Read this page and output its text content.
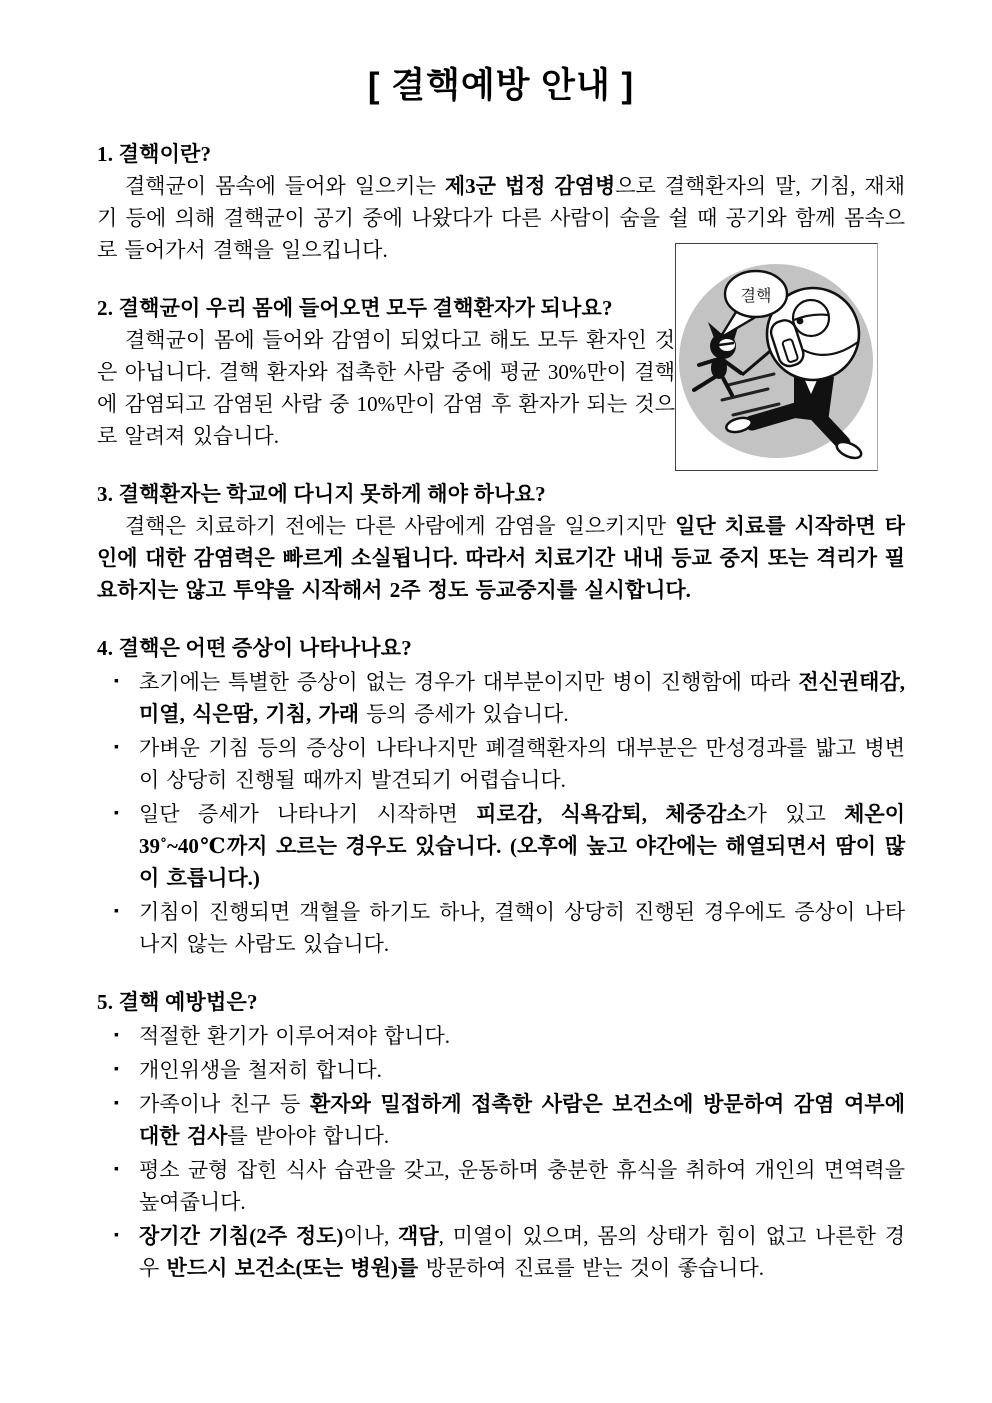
결핵
[ 결핵예방 안내 ]
1. 결핵이란?

결핵균이 몸속에 들어와 일으키는 제3군 법정 감염병으로 결핵환자의 말, 기침, 재채기 등에 의해 결핵균이 공기 중에 나왔다가 다른 사람이 숨을 쉴 때 공기와 함께 몸속으로 들어가서 결핵을 일으킵니다.

2. 결핵균이 우리 몸에 들어오면 모두 결핵환자가 되나요?

결핵균이 몸에 들어와 감염이 되었다고 해도 모두 환자인 것은 아닙니다. 결핵 환자와 접촉한 사람 중에 평균 30%만이 결핵에 감염되고 감염된 사람 중 10%만이 감염 후 환자가 되는 것으로 알려져 있습니다.

3. 결핵환자는 학교에 다니지 못하게 해야 하나요?

결핵은 치료하기 전에는 다른 사람에게 감염을 일으키지만 일단 치료를 시작하면 타인에 대한 감염력은 빠르게 소실됩니다. 따라서 치료기간 내내 등교 중지 또는 격리가 필요하지는 않고 투약을 시작해서 2주 정도 등교중지를 실시합니다.

4. 결핵은 어떤 증상이 나타나나요?
▪ 초기에는 특별한 증상이 없는 경우가 대부분이지만 병이 진행함에 따라 전신권태감, 미열, 식은땀, 기침, 가래 등의 증세가 있습니다.
▪ 가벼운 기침 등의 증상이 나타나지만 폐결핵환자의 대부분은 만성경과를 밟고 병변이 상당히 진행될 때까지 발견되기 어렵습니다.
▪ 일단 증세가 나타나기 시작하면 피로감, 식욕감퇴, 체중감소가 있고 체온이 39˚~40℃까지 오르는 경우도 있습니다. (오후에 높고 야간에는 해열되면서 땀이 많이 흐릅니다.)
▪ 기침이 진행되면 객혈을 하기도 하나, 결핵이 상당히 진행된 경우에도 증상이 나타나지 않는 사람도 있습니다.
5. 결핵 예방법은?
▪ 적절한 환기가 이루어져야 합니다.
▪ 개인위생을 철저히 합니다.
▪ 가족이나 친구 등 환자와 밀접하게 접촉한 사람은 보건소에 방문하여 감염 여부에 대한 검사를 받아야 합니다.
▪ 평소 균형 잡힌 식사 습관을 갖고, 운동하며 충분한 휴식을 취하여 개인의 면역력을 높여줍니다.
▪ 장기간 기침(2주 정도)이나, 객담, 미열이 있으며, 몸의 상태가 힘이 없고 나른한 경우 반드시 보건소(또는 병원)를 방문하여 진료를 받는 것이 좋습니다.
